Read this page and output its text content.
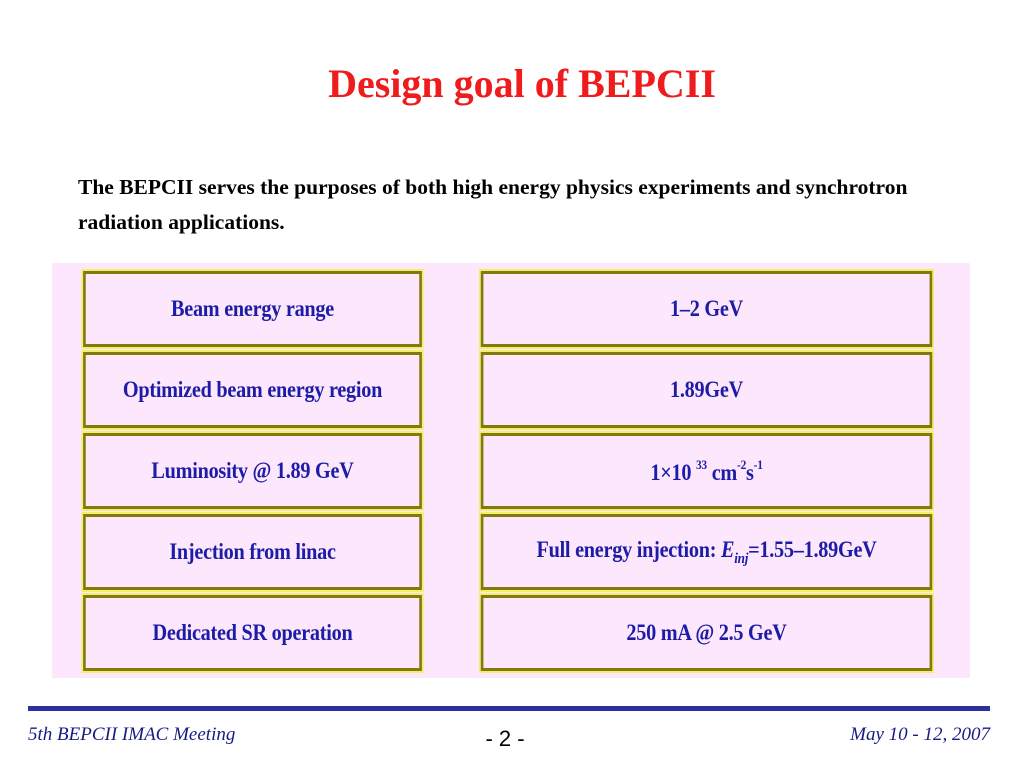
Design goal of BEPCII
The BEPCII serves the purposes of both high energy physics experiments and synchrotron radiation applications.
Beam energy range	1–2 GeV
Optimized beam energy region	1.89GeV
Luminosity @ 1.89 GeV	1×10 $^{33}$ $cm^{-2}s^{-1}$
Injection from linac	Full energy injection: $E_{inj}=1.55-1.89GeV$
Dedicated SR operation	250 mA @ 2.5 GeV
5th BEPCII IMAC Meeting	- 2 -	May 10 - 12, 2007
